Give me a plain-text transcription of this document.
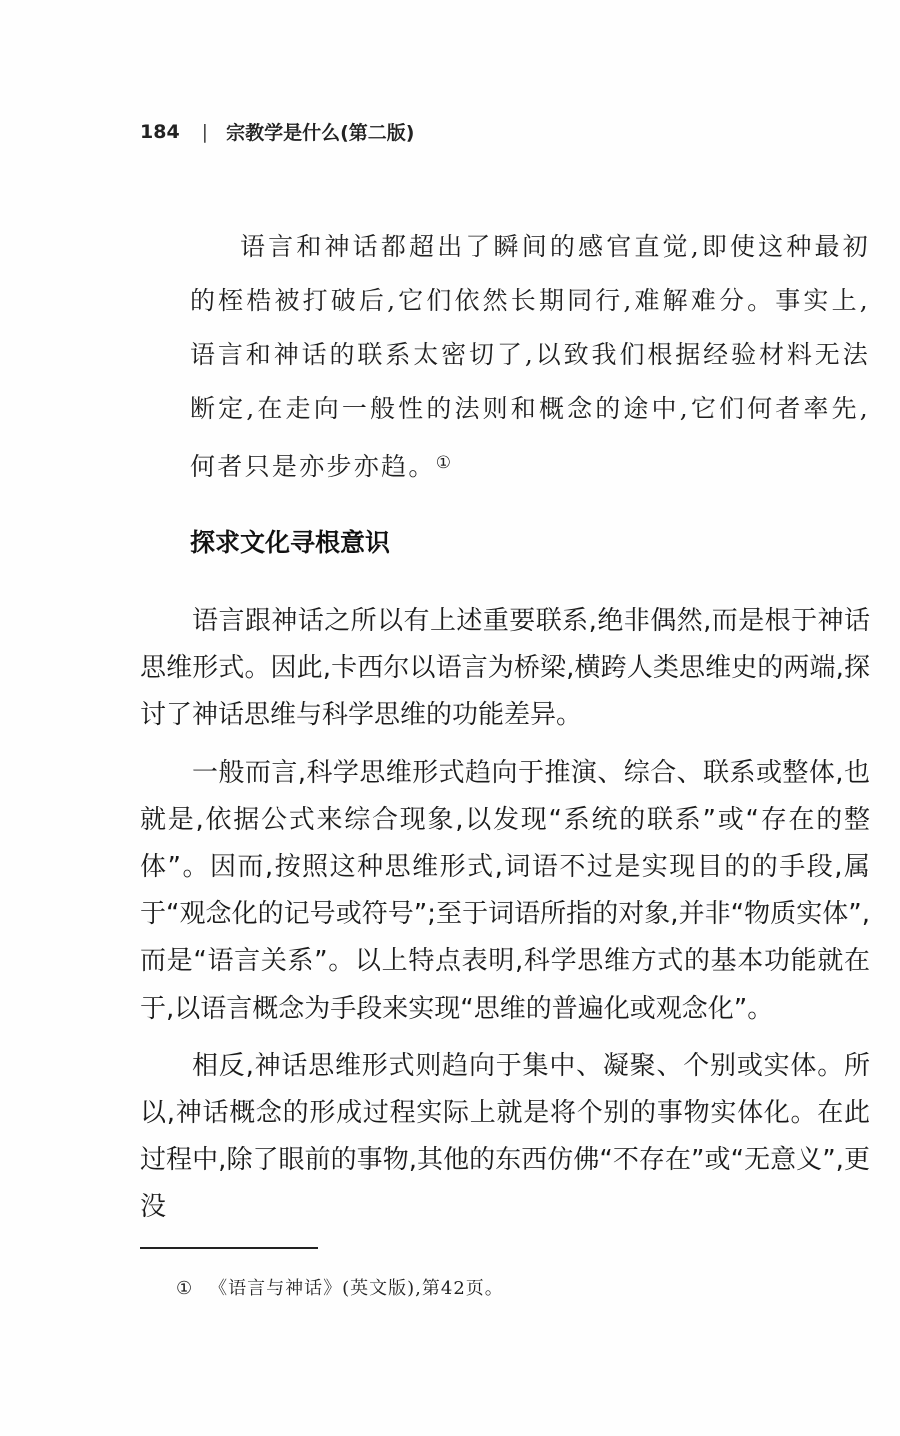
184 | 宗教学是什么(第二版)
语言和神话都超出了瞬间的感官直觉,即使这种最初的桎梏被打破后,它们依然长期同行,难解难分。事实上,语言和神话的联系太密切了,以致我们根据经验材料无法断定,在走向一般性的法则和概念的途中,它们何者率先,何者只是亦步亦趋。①
探求文化寻根意识

语言跟神话之所以有上述重要联系,绝非偶然,而是根于神话思维形式。因此,卡西尔以语言为桥梁,横跨人类思维史的两端,探讨了神话思维与科学思维的功能差异。

一般而言,科学思维形式趋向于推演、综合、联系或整体,也就是,依据公式来综合现象,以发现“系统的联系”或“存在的整体”。因而,按照这种思维形式,词语不过是实现目的的手段,属于“观念化的记号或符号”;至于词语所指的对象,并非“物质实体”,而是“语言关系”。以上特点表明,科学思维方式的基本功能就在于,以语言概念为手段来实现“思维的普遍化或观念化”。

相反,神话思维形式则趋向于集中、凝聚、个别或实体。所以,神话概念的形成过程实际上就是将个别的事物实体化。在此过程中,除了眼前的事物,其他的东西仿佛“不存在”或“无意义”,更没

① 《语言与神话》(英文版),第42页。
